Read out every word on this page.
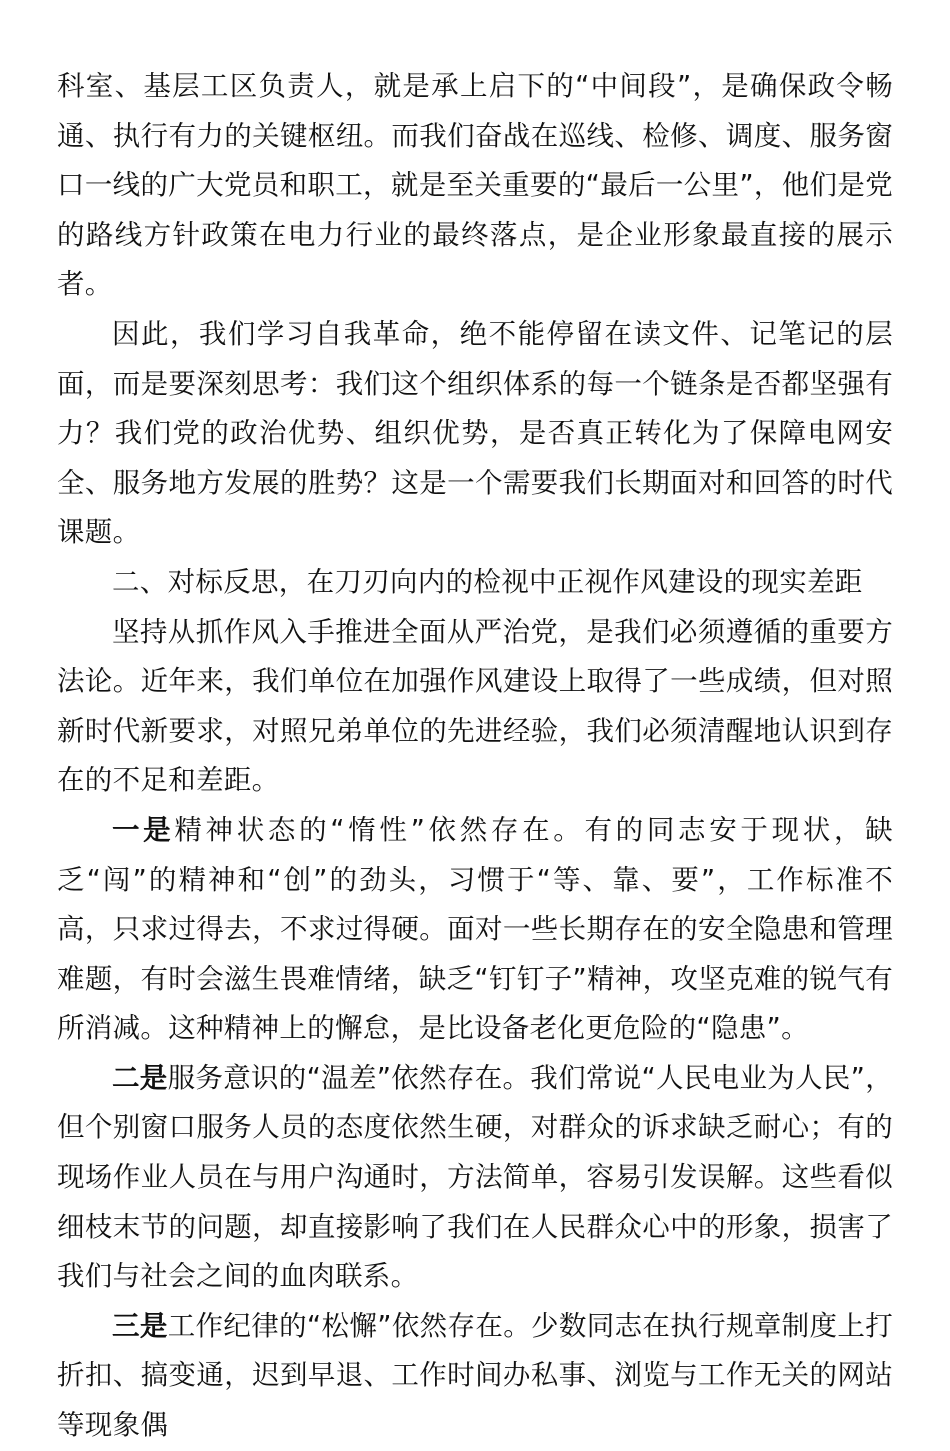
科室、基层工区负责人，就是承上启下的“中间段”，是确保政令畅通、执行有力的关键枢纽。而我们奋战在巡线、检修、调度、服务窗口一线的广大党员和职工，就是至关重要的“最后一公里”，他们是党的路线方针政策在电力行业的最终落点，是企业形象最直接的展示者。

因此，我们学习自我革命，绝不能停留在读文件、记笔记的层面，而是要深刻思考：我们这个组织体系的每一个链条是否都坚强有力？我们党的政治优势、组织优势，是否真正转化为了保障电网安全、服务地方发展的胜势？这是一个需要我们长期面对和回答的时代课题。

二、对标反思，在刀刃向内的检视中正视作风建设的现实差距

坚持从抓作风入手推进全面从严治党，是我们必须遵循的重要方法论。近年来，我们单位在加强作风建设上取得了一些成绩，但对照新时代新要求，对照兄弟单位的先进经验，我们必须清醒地认识到存在的不足和差距。

一是精神状态的“惰性”依然存在。有的同志安于现状，缺乏“闯”的精神和“创”的劲头，习惯于“等、靠、要”，工作标准不高，只求过得去，不求过得硬。面对一些长期存在的安全隐患和管理难题，有时会滋生畏难情绪，缺乏“钉钉子”精神，攻坚克难的锐气有所消减。这种精神上的懈怠，是比设备老化更危险的“隐患”。

二是服务意识的“温差”依然存在。我们常说“人民电业为人民”，但个别窗口服务人员的态度依然生硬，对群众的诉求缺乏耐心；有的现场作业人员在与用户沟通时，方法简单，容易引发误解。这些看似细枝末节的问题，却直接影响了我们在人民群众心中的形象，损害了我们与社会之间的血肉联系。

三是工作纪律的“松懈”依然存在。少数同志在执行规章制度上打折扣、搞变通，迟到早退、工作时间办私事、浏览与工作无关的网站等现象偶
